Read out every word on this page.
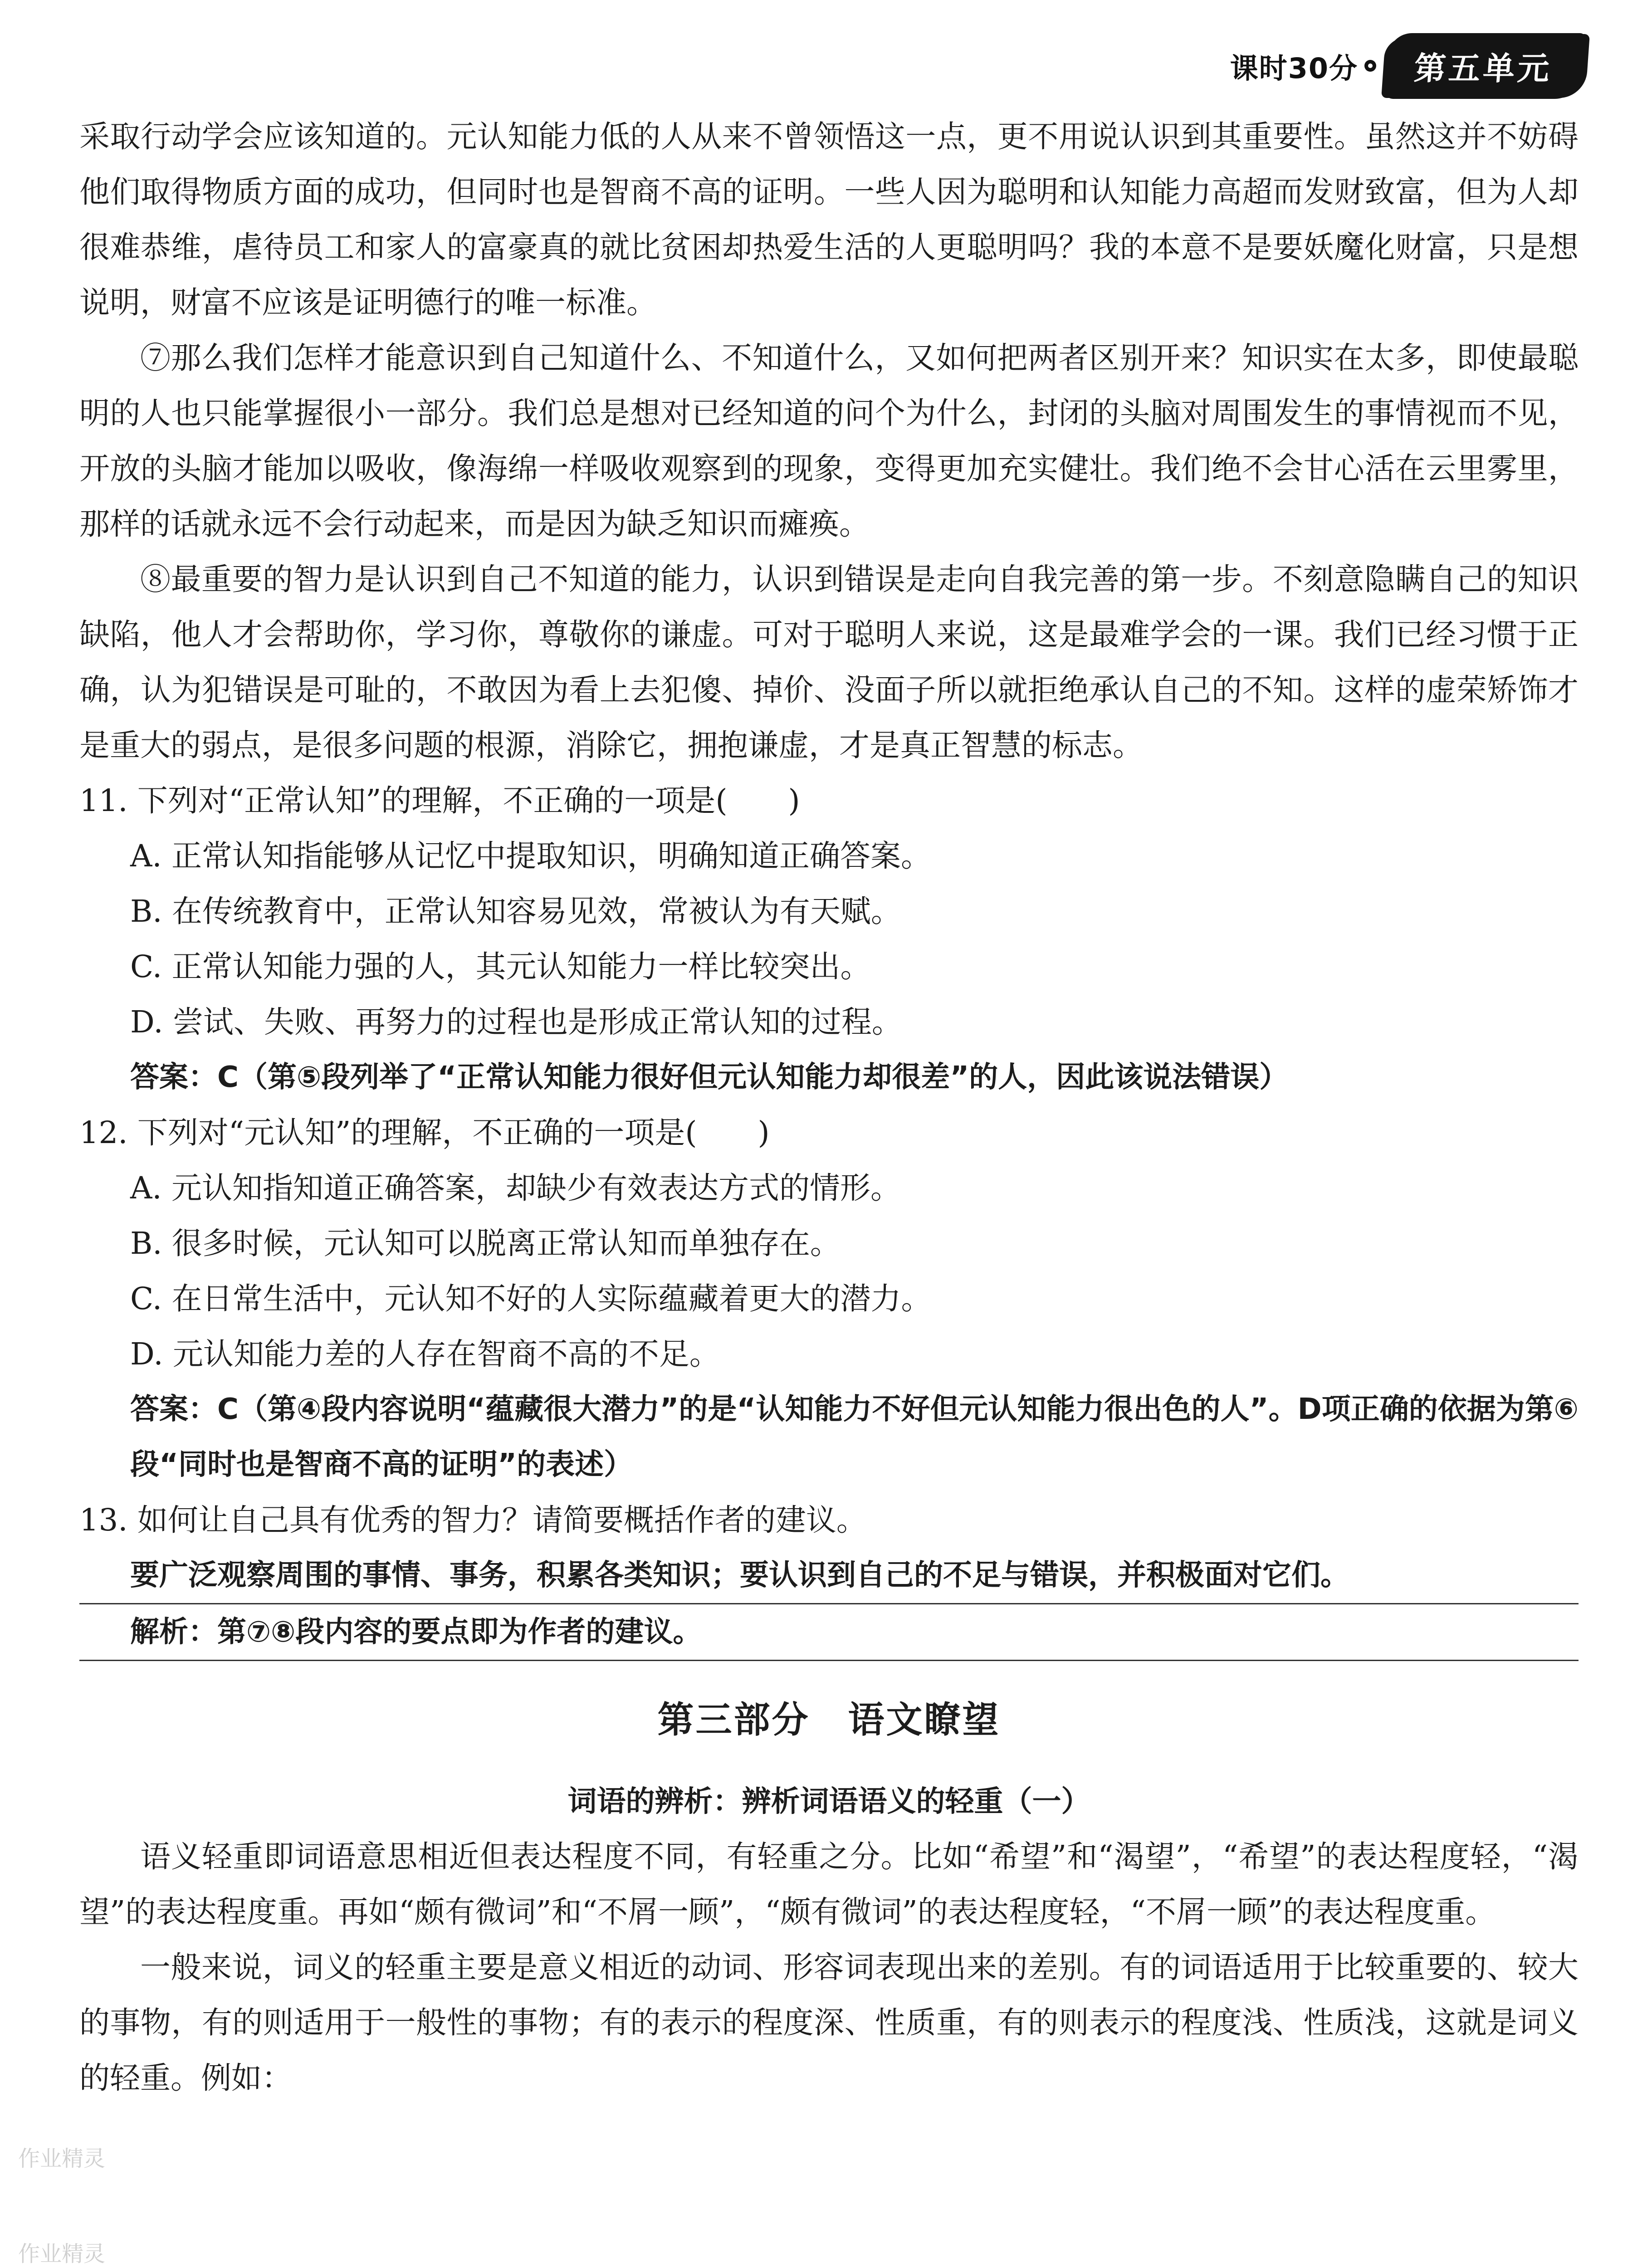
课时30分	第五单元

采取行动学会应该知道的。元认知能力低的人从来不曾领悟这一点，更不用说认识到其重要性。虽然这并不妨碍他们取得物质方面的成功，但同时也是智商不高的证明。一些人因为聪明和认知能力高超而发财致富，但为人却很难恭维，虐待员工和家人的富豪真的就比贫困却热爱生活的人更聪明吗？我的本意不是要妖魔化财富，只是想说明，财富不应该是证明德行的唯一标准。

⑦那么我们怎样才能意识到自己知道什么、不知道什么，又如何把两者区别开来？知识实在太多，即使最聪明的人也只能掌握很小一部分。我们总是想对已经知道的问个为什么，封闭的头脑对周围发生的事情视而不见，开放的头脑才能加以吸收，像海绵一样吸收观察到的现象，变得更加充实健壮。我们绝不会甘心活在云里雾里，那样的话就永远不会行动起来，而是因为缺乏知识而瘫痪。

⑧最重要的智力是认识到自己不知道的能力，认识到错误是走向自我完善的第一步。不刻意隐瞒自己的知识缺陷，他人才会帮助你，学习你，尊敬你的谦虚。可对于聪明人来说，这是最难学会的一课。我们已经习惯于正确，认为犯错误是可耻的，不敢因为看上去犯傻、掉价、没面子所以就拒绝承认自己的不知。这样的虚荣矫饰才是重大的弱点，是很多问题的根源，消除它，拥抱谦虚，才是真正智慧的标志。

11. 下列对“正常认知”的理解，不正确的一项是(　　)

A. 正常认知指能够从记忆中提取知识，明确知道正确答案。

B. 在传统教育中，正常认知容易见效，常被认为有天赋。

C. 正常认知能力强的人，其元认知能力一样比较突出。

D. 尝试、失败、再努力的过程也是形成正常认知的过程。

答案：C（第⑤段列举了“正常认知能力很好但元认知能力却很差”的人，因此该说法错误）

12. 下列对“元认知”的理解，不正确的一项是(　　)

A. 元认知指知道正确答案，却缺少有效表达方式的情形。

B. 很多时候，元认知可以脱离正常认知而单独存在。

C. 在日常生活中，元认知不好的人实际蕴藏着更大的潜力。

D. 元认知能力差的人存在智商不高的不足。

答案：C（第④段内容说明“蕴藏很大潜力”的是“认知能力不好但元认知能力很出色的人”。D项正确的依据为第⑥段“同时也是智商不高的证明”的表述）

13. 如何让自己具有优秀的智力？请简要概括作者的建议。

要广泛观察周围的事情、事务，积累各类知识；要认识到自己的不足与错误，并积极面对它们。

解析：第⑦⑧段内容的要点即为作者的建议。

第三部分　语文瞭望
词语的辨析：辨析词语语义的轻重（一）

语义轻重即词语意思相近但表达程度不同，有轻重之分。比如“希望”和“渴望”，“希望”的表达程度轻，“渴望”的表达程度重。再如“颇有微词”和“不屑一顾”，“颇有微词”的表达程度轻，“不屑一顾”的表达程度重。

一般来说，词义的轻重主要是意义相近的动词、形容词表现出来的差别。有的词语适用于比较重要的、较大的事物，有的则适用于一般性的事物；有的表示的程度深、性质重，有的则表示的程度浅、性质浅，这就是词义的轻重。例如：

作业精灵
作业精灵
